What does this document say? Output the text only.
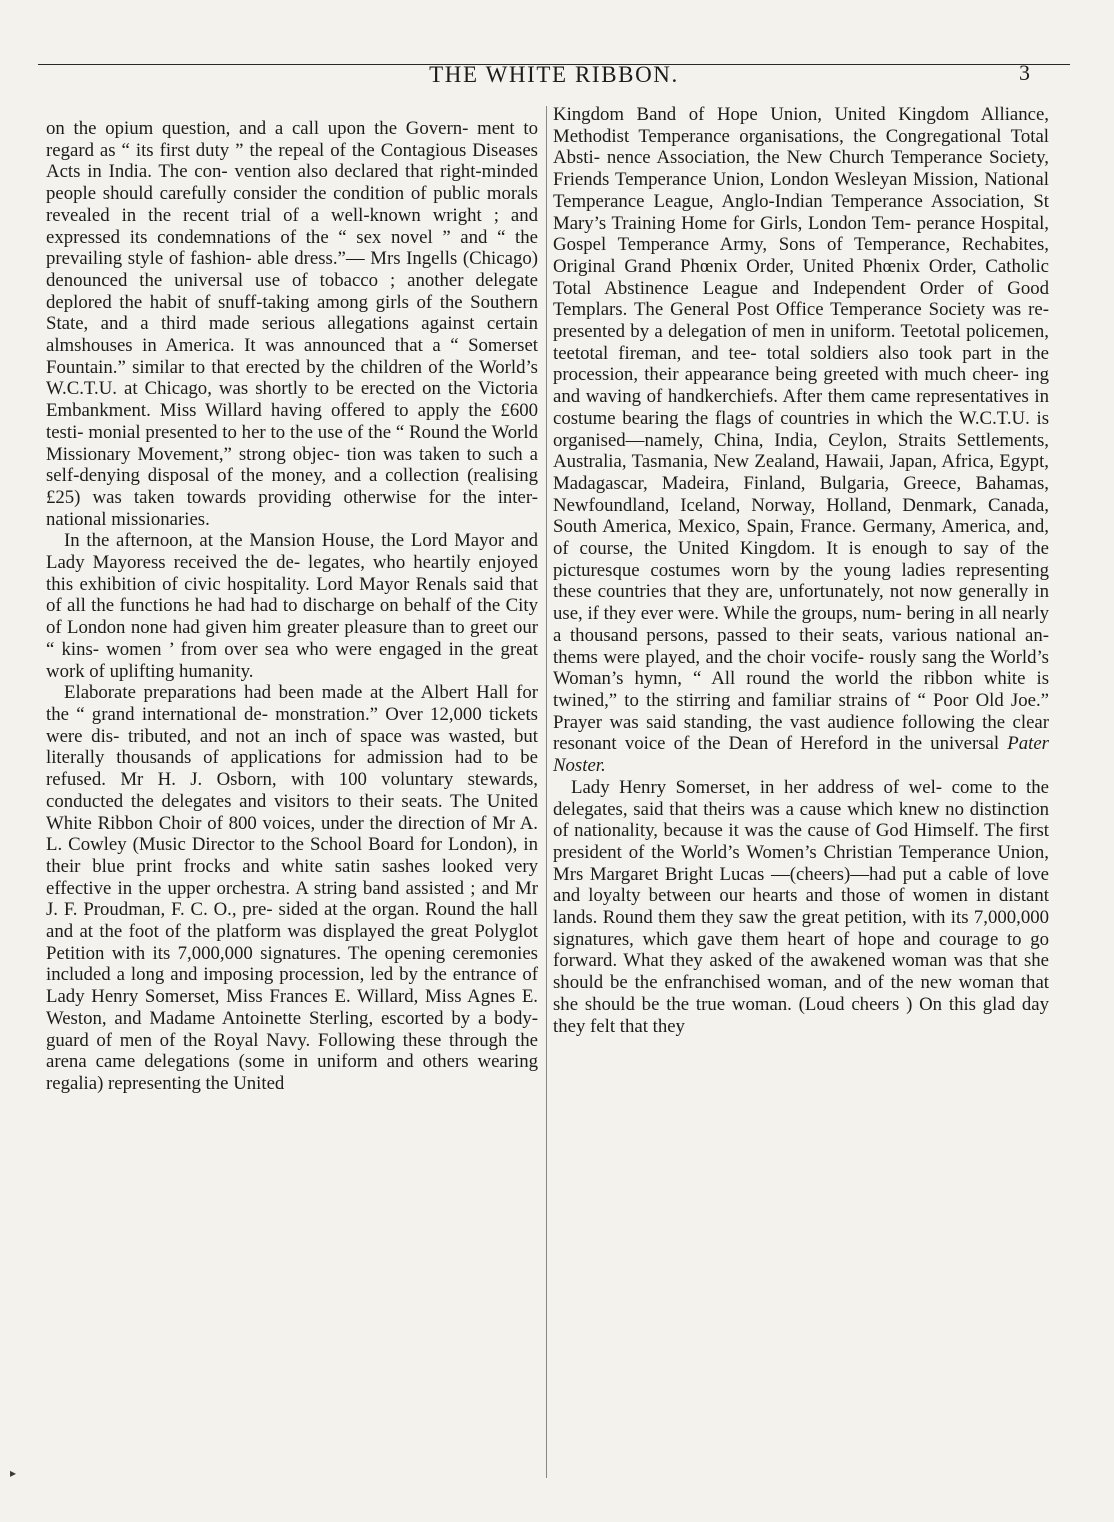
THE WHITE RIBBON.	3

on the opium question, and a call upon the Govern- ment to regard as “ its first duty ” the repeal of the Contagious Diseases Acts in India. The con- vention also declared that right-minded people should carefully consider the condition of public morals revealed in the recent trial of a well-known wright ; and expressed its condemnations of the “ sex novel ” and “ the prevailing style of fashion- able dress.”— Mrs Ingells (Chicago) denounced the universal use of tobacco ; another delegate deplored the habit of snuff-taking among girls of the Southern State, and a third made serious allegations against certain almshouses in America. It was announced that a “ Somerset Fountain.” similar to that erected by the children of the World’s W.C.T.U. at Chicago, was shortly to be erected on the Victoria Embankment. Miss Willard having offered to apply the £600 testi- monial presented to her to the use of the “ Round the World Missionary Movement,” strong objec- tion was taken to such a self-denying disposal of the money, and a collection (realising £25) was taken towards providing otherwise for the inter- national missionaries.

In the afternoon, at the Mansion House, the Lord Mayor and Lady Mayoress received the de- legates, who heartily enjoyed this exhibition of civic hospitality. Lord Mayor Renals said that of all the functions he had had to discharge on behalf of the City of London none had given him greater pleasure than to greet our “ kins- women ’ from over sea who were engaged in the great work of uplifting humanity.

Elaborate preparations had been made at the Albert Hall for the “ grand international de- monstration.” Over 12,000 tickets were dis- tributed, and not an inch of space was wasted, but literally thousands of applications for admission had to be refused. Mr H. J. Osborn, with 100 voluntary stewards, conducted the delegates and visitors to their seats. The United White Ribbon Choir of 800 voices, under the direction of Mr A. L. Cowley (Music Director to the School Board for London), in their blue print frocks and white satin sashes looked very effective in the upper orchestra. A string band assisted ; and Mr J. F. Proudman, F. C. O., pre- sided at the organ. Round the hall and at the foot of the platform was displayed the great Polyglot Petition with its 7,000,000 signatures. The opening ceremonies included a long and imposing procession, led by the entrance of Lady Henry Somerset, Miss Frances E. Willard, Miss Agnes E. Weston, and Madame Antoinette Sterling, escorted by a body-guard of men of the Royal Navy. Following these through the arena came delegations (some in uniform and others wearing regalia) representing the United

Kingdom Band of Hope Union, United Kingdom Alliance, Methodist Temperance organisations, the Congregational Total Absti- nence Association, the New Church Temperance Society, Friends Temperance Union, London Wesleyan Mission, National Temperance League, Anglo-Indian Temperance Association, St Mary’s Training Home for Girls, London Tem- perance Hospital, Gospel Temperance Army, Sons of Temperance, Rechabites, Original Grand Phœnix Order, United Phœnix Order, Catholic Total Abstinence League and Independent Order of Good Templars. The General Post Office Temperance Society was re- presented by a delegation of men in uniform. Teetotal policemen, teetotal fireman, and tee- total soldiers also took part in the procession, their appearance being greeted with much cheer- ing and waving of handkerchiefs. After them came representatives in costume bearing the flags of countries in which the W.C.T.U. is organised—namely, China, India, Ceylon, Straits Settlements, Australia, Tasmania, New Zealand, Hawaii, Japan, Africa, Egypt, Madagascar, Madeira, Finland, Bulgaria, Greece, Bahamas, Newfoundland, Iceland, Norway, Holland, Denmark, Canada, South America, Mexico, Spain, France. Germany, America, and, of course, the United Kingdom. It is enough to say of the picturesque costumes worn by the young ladies representing these countries that they are, unfortunately, not now generally in use, if they ever were. While the groups, num- bering in all nearly a thousand persons, passed to their seats, various national an- thems were played, and the choir vocife- rously sang the World’s Woman’s hymn, “ All round the world the ribbon white is twined,” to the stirring and familiar strains of “ Poor Old Joe.” Prayer was said standing, the vast audience following the clear resonant voice of the Dean of Hereford in the universal Pater Noster.

Lady Henry Somerset, in her address of wel- come to the delegates, said that theirs was a cause which knew no distinction of nationality, because it was the cause of God Himself. The first president of the World’s Women’s Christian Temperance Union, Mrs Margaret Bright Lucas —(cheers)—had put a cable of love and loyalty between our hearts and those of women in distant lands. Round them they saw the great petition, with its 7,000,000 signatures, which gave them heart of hope and courage to go forward. What they asked of the awakened woman was that she should be the enfranchised woman, and of the new woman that she should be the true woman. (Loud cheers ) On this glad day they felt that they

▸
